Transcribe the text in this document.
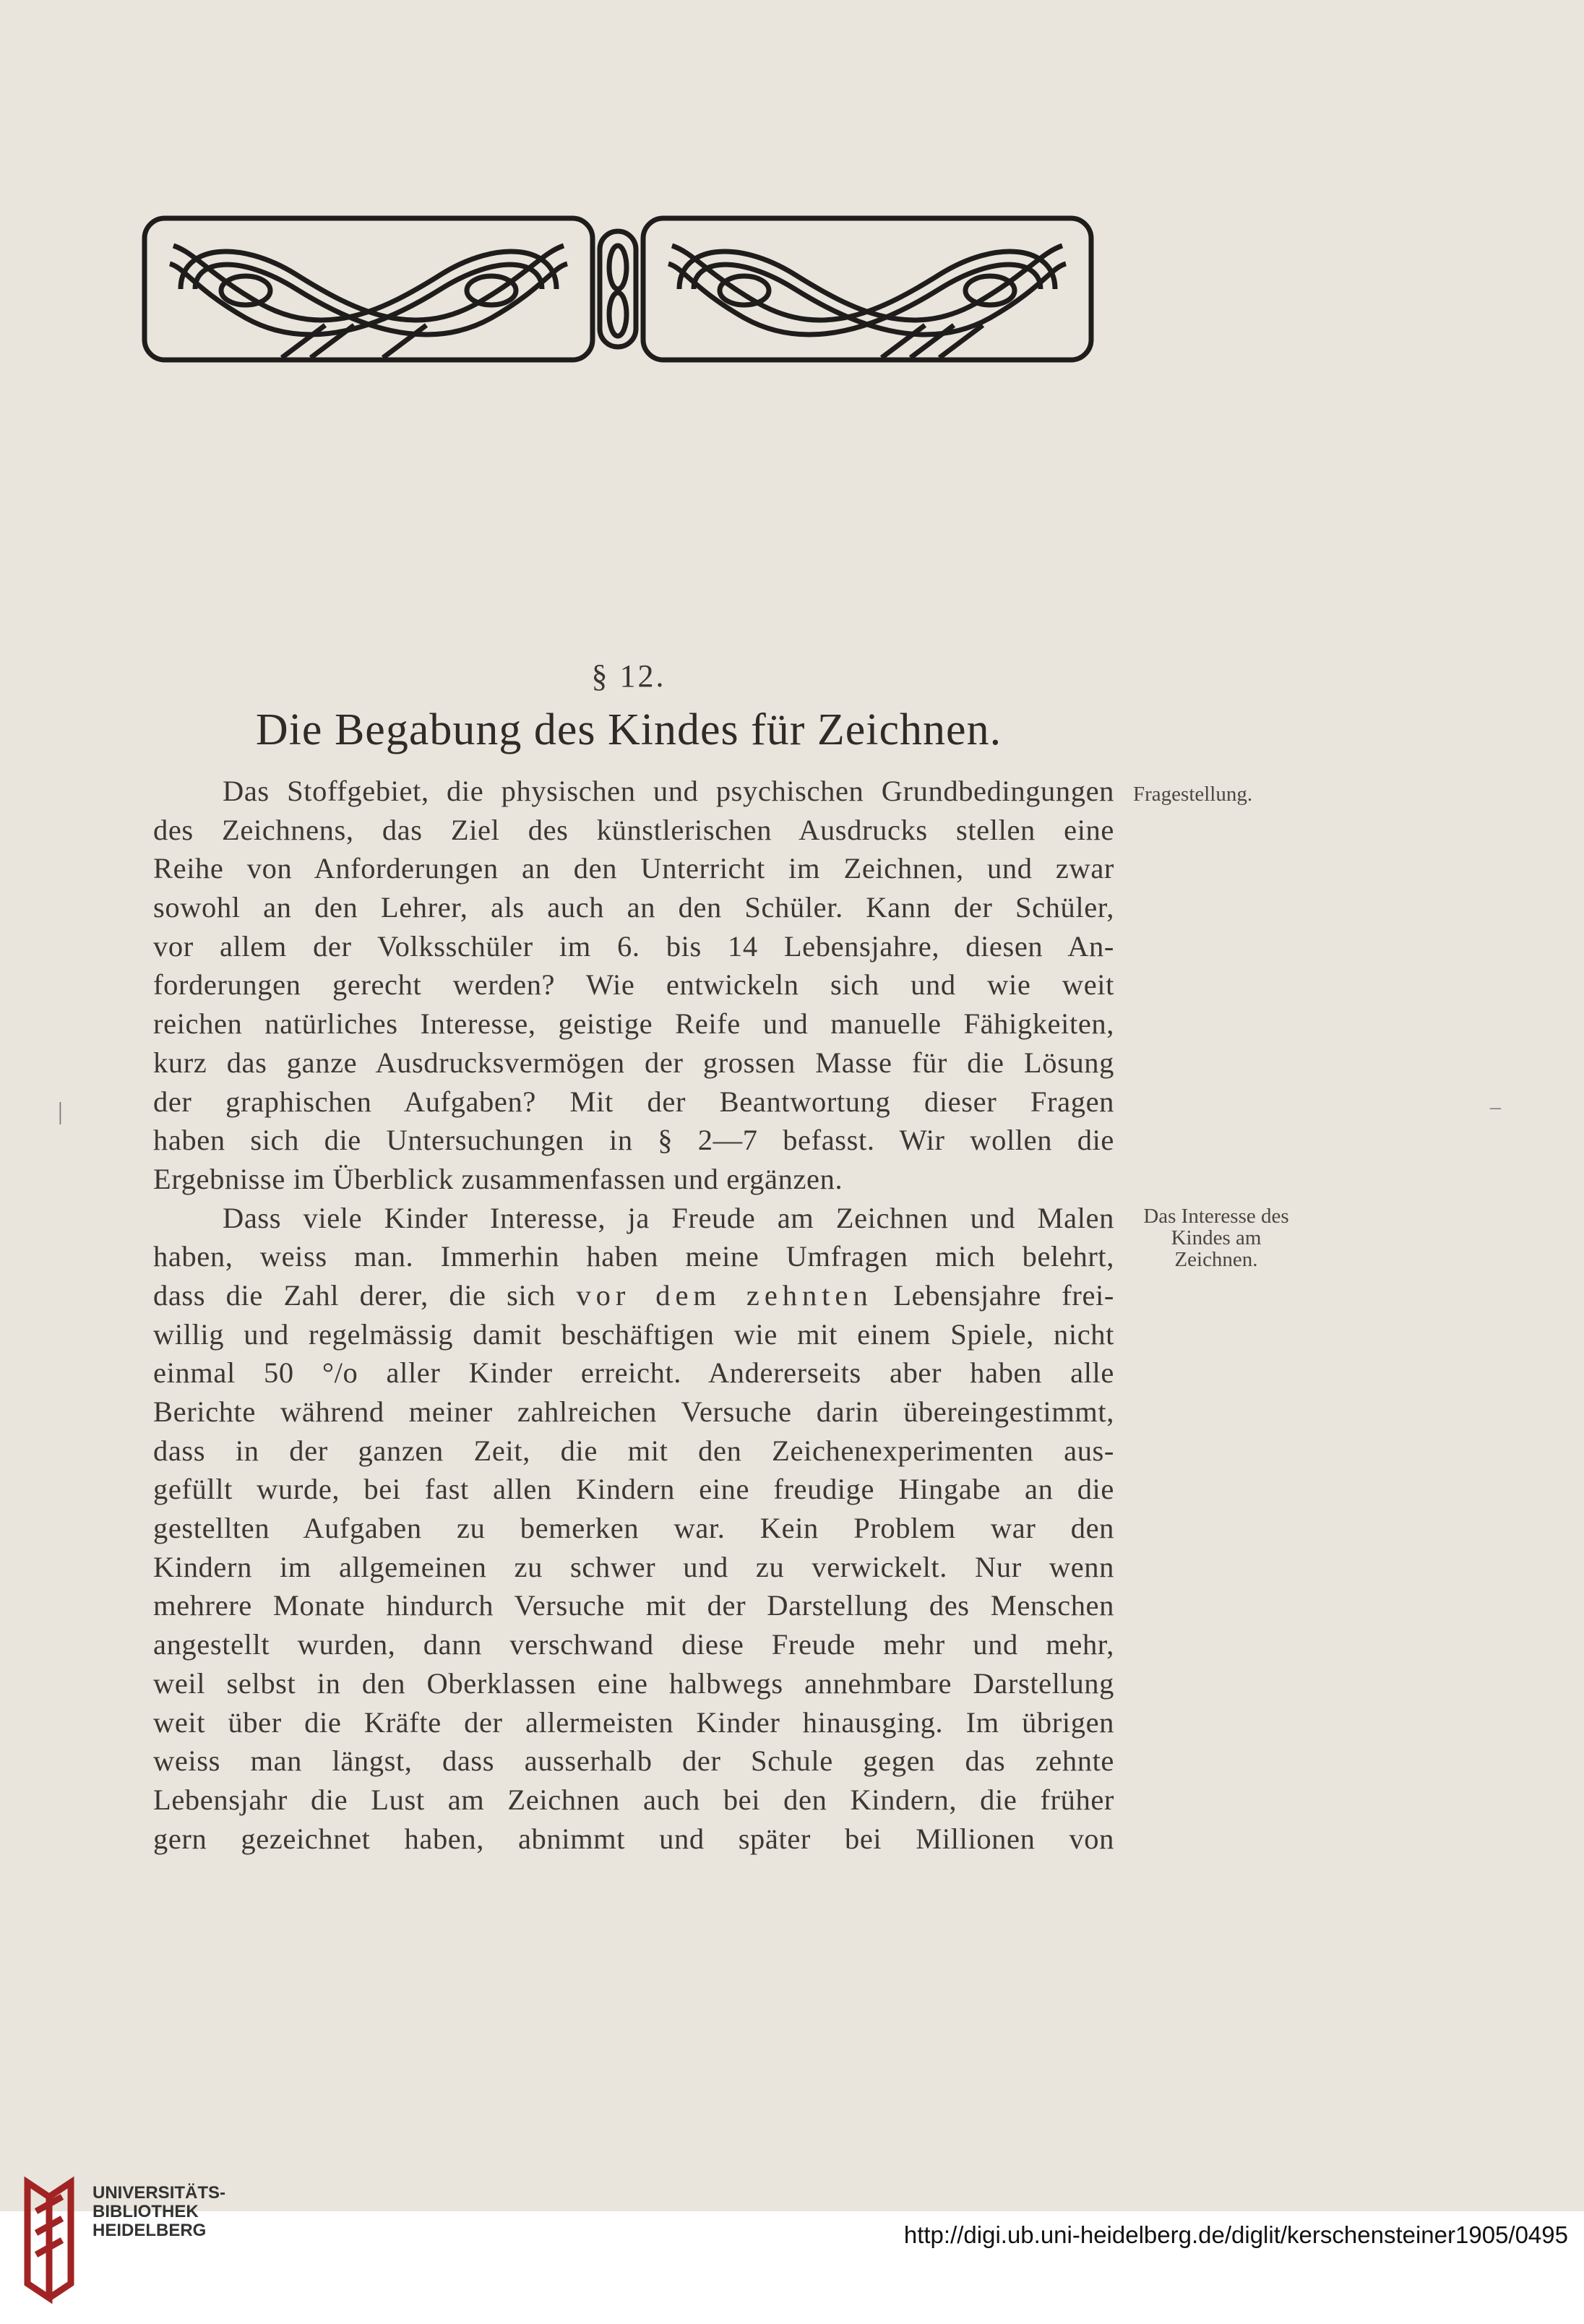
§ 12.
Die Begabung des Kindes für Zeichnen.
Fragestellung.
Das Interesse des
Kindes am
Zeichnen.
Das Stoffgebiet, die physischen und psychischen Grundbedingungen
des Zeichnens, das Ziel des künstlerischen Ausdrucks stellen eine
Reihe von Anforderungen an den Unterricht im Zeichnen, und zwar
sowohl an den Lehrer, als auch an den Schüler. Kann der Schüler,
vor allem der Volksschüler im 6. bis 14 Lebensjahre, diesen An-
forderungen gerecht werden? Wie entwickeln sich und wie weit
reichen natürliches Interesse, geistige Reife und manuelle Fähigkeiten,
kurz das ganze Ausdrucksvermögen der grossen Masse für die Lösung
der graphischen Aufgaben? Mit der Beantwortung dieser Fragen
haben sich die Untersuchungen in § 2—7 befasst. Wir wollen die
Ergebnisse im Überblick zusammenfassen und ergänzen.
Dass viele Kinder Interesse, ja Freude am Zeichnen und Malen
haben, weiss man. Immerhin haben meine Umfragen mich belehrt,
dass die Zahl derer, die sich vor dem zehnten Lebensjahre frei-
willig und regelmässig damit beschäftigen wie mit einem Spiele, nicht
einmal 50 °/o aller Kinder erreicht. Andererseits aber haben alle
Berichte während meiner zahlreichen Versuche darin übereingestimmt,
dass in der ganzen Zeit, die mit den Zeichenexperimenten aus-
gefüllt wurde, bei fast allen Kindern eine freudige Hingabe an die
gestellten Aufgaben zu bemerken war. Kein Problem war den
Kindern im allgemeinen zu schwer und zu verwickelt. Nur wenn
mehrere Monate hindurch Versuche mit der Darstellung des Menschen
angestellt wurden, dann verschwand diese Freude mehr und mehr,
weil selbst in den Oberklassen eine halbwegs annehmbare Darstellung
weit über die Kräfte der allermeisten Kinder hinausging. Im übrigen
weiss man längst, dass ausserhalb der Schule gegen das zehnte
Lebensjahr die Lust am Zeichnen auch bei den Kindern, die früher
gern gezeichnet haben, abnimmt und später bei Millionen von
|	–
UNIVERSITÄTS-
BIBLIOTHEK
HEIDELBERG	http://digi.ub.uni-heidelberg.de/diglit/kerschensteiner1905/0495
